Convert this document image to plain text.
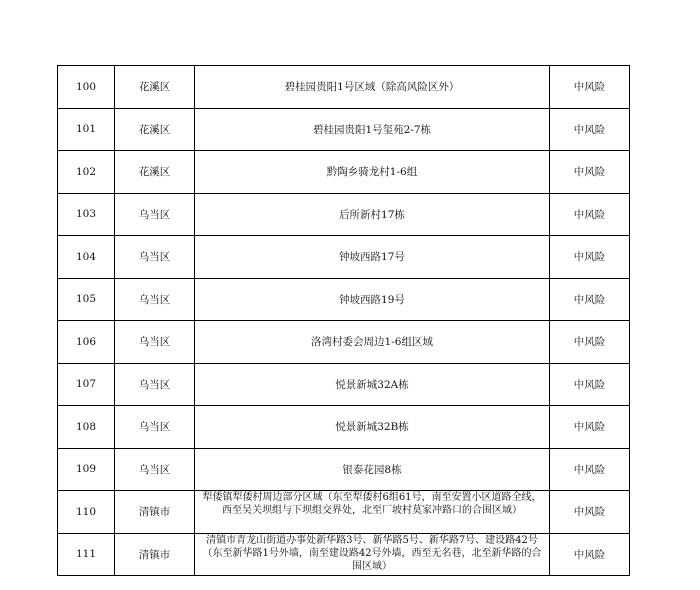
100	花溪区	碧桂园贵阳1号区域（除高风险区外）	中风险
101	花溪区	碧桂园贵阳1号玺苑2-7栋	中风险
102	花溪区	黔陶乡骑龙村1-6组	中风险
103	乌当区	后所新村17栋	中风险
104	乌当区	钟坡西路17号	中风险
105	乌当区	钟坡西路19号	中风险
106	乌当区	洛湾村委会周边1-6组区域	中风险
107	乌当区	悦景新城32A栋	中风险
108	乌当区	悦景新城32B栋	中风险
109	乌当区	银泰花园8栋	中风险
110	清镇市	犁倭镇犁倭村周边部分区域（东至犁倭村6组61号，南至安置小区道路全线，西至吴关坝组与下坝组交界处，北至厂坡村莫家冲路口的合围区域）	中风险
111	清镇市	清镇市青龙山街道办事处新华路3号、新华路5号、新华路7号、建设路42号（东至新华路1号外墙，南至建设路42号外墙，西至无名巷，北至新华路的合围区域）	中风险
